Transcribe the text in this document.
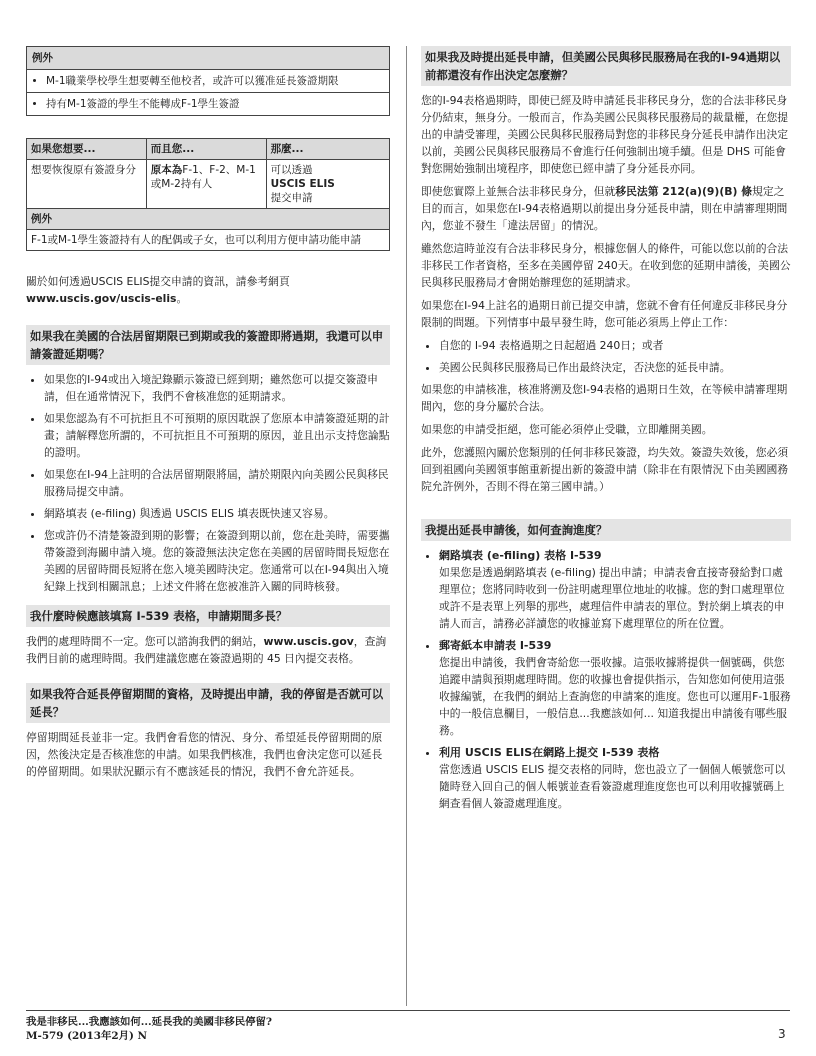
例外

• M-1職業學校學生想要轉至他校者，或許可以獲准延長簽證期限

• 持有M-1簽證的學生不能轉成F-1學生簽證
如果您想要...	而且您...	那麼...
想要恢復原有簽證身分	原本為F-1、F-2、M-1或M-2持有人	可以透過
USCIS ELIS
提交申請
例外		
F-1或M-1學生簽證持有人的配偶或子女，也可以利用方便申請功能申請		

關於如何透過USCIS ELIS提交申請的資訊，請參考網頁
www.uscis.gov/uscis-elis。

如果我在美國的合法居留期限已到期或我的簽證即將過期，我還可以申請簽證延期嗎？
• 如果您的I-94或出入境記錄顯示簽證已經到期；雖然您可以提交簽證申請，但在通常情況下，我們不會核准您的延期請求。
• 如果您認為有不可抗拒且不可預期的原因耽誤了您原本申請簽證延期的計畫；請解釋您所謂的，不可抗拒且不可預期的原因，並且出示支持您論點的證明。
• 如果您在I-94上註明的合法居留期限將屆，請於期限內向美國公民與移民服務局提交申請。
• 網路填表 (e-filing) 與透過 USCIS ELIS 填表既快速又容易。
• 您或許仍不清楚簽證到期的影響；在簽證到期以前，您在赴美時，需要攜帶簽證到海關申請入境。您的簽證無法決定您在美國的居留時間長短您在美國的居留時間長短將在您入境美國時決定。您通常可以在I-94與出入境紀錄上找到相關訊息；上述文件將在您被准許入關的同時核發。
我什麼時候應該填寫 I-539 表格，申請期間多長？

我們的處理時間不一定。您可以諮詢我們的網站，www.uscis.gov，查詢我們目前的處理時間。我們建議您應在簽證過期的 45 日內提交表格。

如果我符合延長停留期間的資格，及時提出申請，我的停留是否就可以延長？

停留期間延長並非一定。我們會看您的情況、身分、希望延長停留期間的原因，然後決定是否核准您的申請。如果我們核准，我們也會決定您可以延長的停留期間。如果狀況顯示有不應該延長的情況，我們不會允許延長。

如果我及時提出延長申請，但美國公民與移民服務局在我的I-94過期以前都還沒有作出決定怎麼辦？

您的I-94表格過期時，即使已經及時申請延長非移民身分，您的合法非移民身分仍結束，無身分。一般而言，作為美國公民與移民服務局的裁量權，在您提出的申請受審理，美國公民與移民服務局對您的非移民身分延長申請作出決定以前，美國公民與移民服務局不會進行任何強制出境手續。但是 DHS 可能會對您開始強制出境程序，即使您已經申請了身分延長亦同。

即使您實際上並無合法非移民身分，但就移民法第 212(a)(9)(B) 條規定之目的而言，如果您在I-94表格過期以前提出身分延長申請，則在申請審理期間內，您並不發生「違法居留」的情況。

雖然您這時並沒有合法非移民身分，根據您個人的條件，可能以您以前的合法非移民工作者資格，至多在美國停留 240天。在收到您的延期申請後，美國公民與移民服務局才會開始辦理您的延期請求。

如果您在I-94上註名的過期日前已提交申請，您就不會有任何違反非移民身分限制的問題。下列情事中最早發生時，您可能必須馬上停止工作：

• 自您的 I-94 表格過期之日起超過 240日；或者
• 美國公民與移民服務局已作出最終決定，否決您的延長申請。

如果您的申請核准，核准將溯及您I-94表格的過期日生效，在等候申請審理期間內，您的身分屬於合法。

如果您的申請受拒絕，您可能必須停止受職，立即離開美國。

此外，您護照內關於您類別的任何非移民簽證，均失效。簽證失效後，您必須回到祖國向美國領事館重新提出新的簽證申請（除非在有限情況下由美國國務院允許例外，否則不得在第三國申請。）

我提出延長申請後，如何查詢進度？
• 網路填表 (e-filing) 表格 I-539
如果您是透過網路填表 (e-filing) 提出申請；申請表會直接寄發給對口處理單位；您將同時收到一份註明處理單位地址的收據。您的對口處理單位或許不是表單上列舉的那些，處理信件申請表的單位。對於網上填表的申請人而言，請務必詳讀您的收據並寫下處理單位的所在位置。
• 郵寄紙本申請表 I-539
您提出申請後，我們會寄給您一張收據。這張收據將提供一個號碼，供您追蹤申請與預期處理時間。您的收據也會提供指示，告知您如何使用這張收據編號，在我們的網站上查詢您的申請案的進度。您也可以運用F-1服務中的一般信息欄目，一般信息...我應該如何... 知道我提出申請後有哪些服務。
• 利用 USCIS ELIS在網路上提交 I-539 表格
當您透過 USCIS ELIS 提交表格的同時，您也設立了一個個人帳號您可以隨時登入回自己的個人帳號並查看簽證處理進度您也可以利用收據號碼上網查看個人簽證處理進度。
我是非移民...我應該如何...延長我的美國非移民停留?
M-579 (2013年2月) N	3
